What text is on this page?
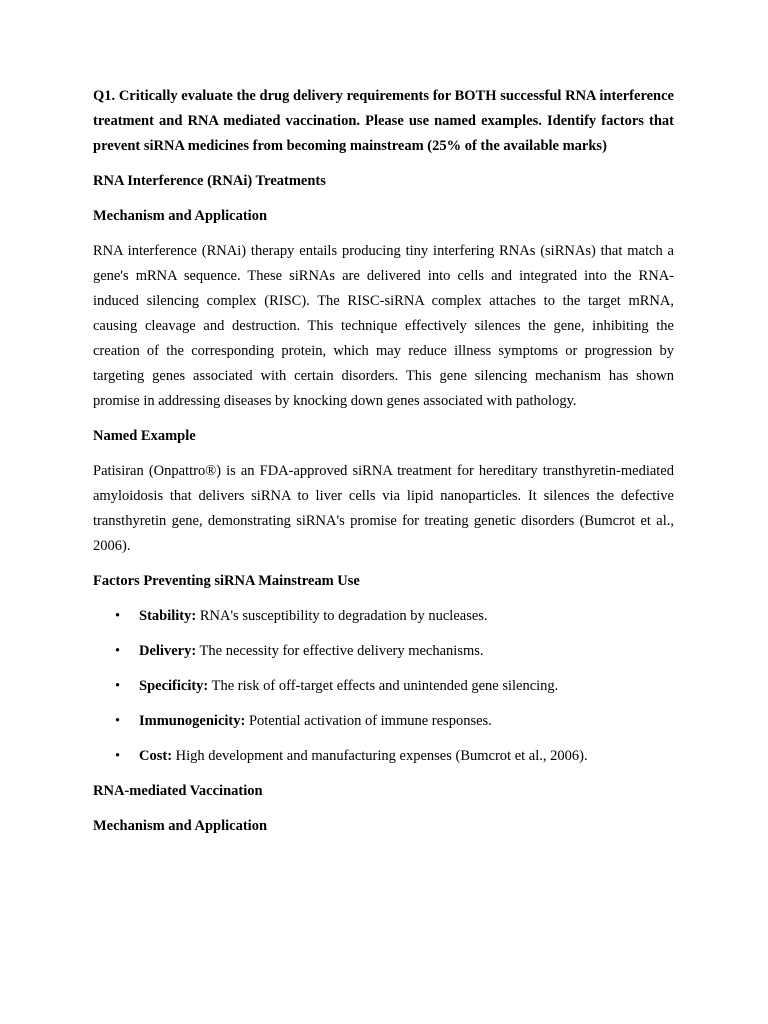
Q1. Critically evaluate the drug delivery requirements for BOTH successful RNA interference treatment and RNA mediated vaccination. Please use named examples. Identify factors that prevent siRNA medicines from becoming mainstream (25% of the available marks)

RNA Interference (RNAi) Treatments

Mechanism and Application

RNA interference (RNAi) therapy entails producing tiny interfering RNAs (siRNAs) that match a gene's mRNA sequence. These siRNAs are delivered into cells and integrated into the RNA-induced silencing complex (RISC). The RISC-siRNA complex attaches to the target mRNA, causing cleavage and destruction. This technique effectively silences the gene, inhibiting the creation of the corresponding protein, which may reduce illness symptoms or progression by targeting genes associated with certain disorders. This gene silencing mechanism has shown promise in addressing diseases by knocking down genes associated with pathology.

Named Example

Patisiran (Onpattro®) is an FDA-approved siRNA treatment for hereditary transthyretin-mediated amyloidosis that delivers siRNA to liver cells via lipid nanoparticles. It silences the defective transthyretin gene, demonstrating siRNA's promise for treating genetic disorders (Bumcrot et al., 2006).

Factors Preventing siRNA Mainstream Use

• Stability: RNA's susceptibility to degradation by nucleases.
• Delivery: The necessity for effective delivery mechanisms.
• Specificity: The risk of off-target effects and unintended gene silencing.
• Immunogenicity: Potential activation of immune responses.
• Cost: High development and manufacturing expenses (Bumcrot et al., 2006).

RNA-mediated Vaccination

Mechanism and Application
